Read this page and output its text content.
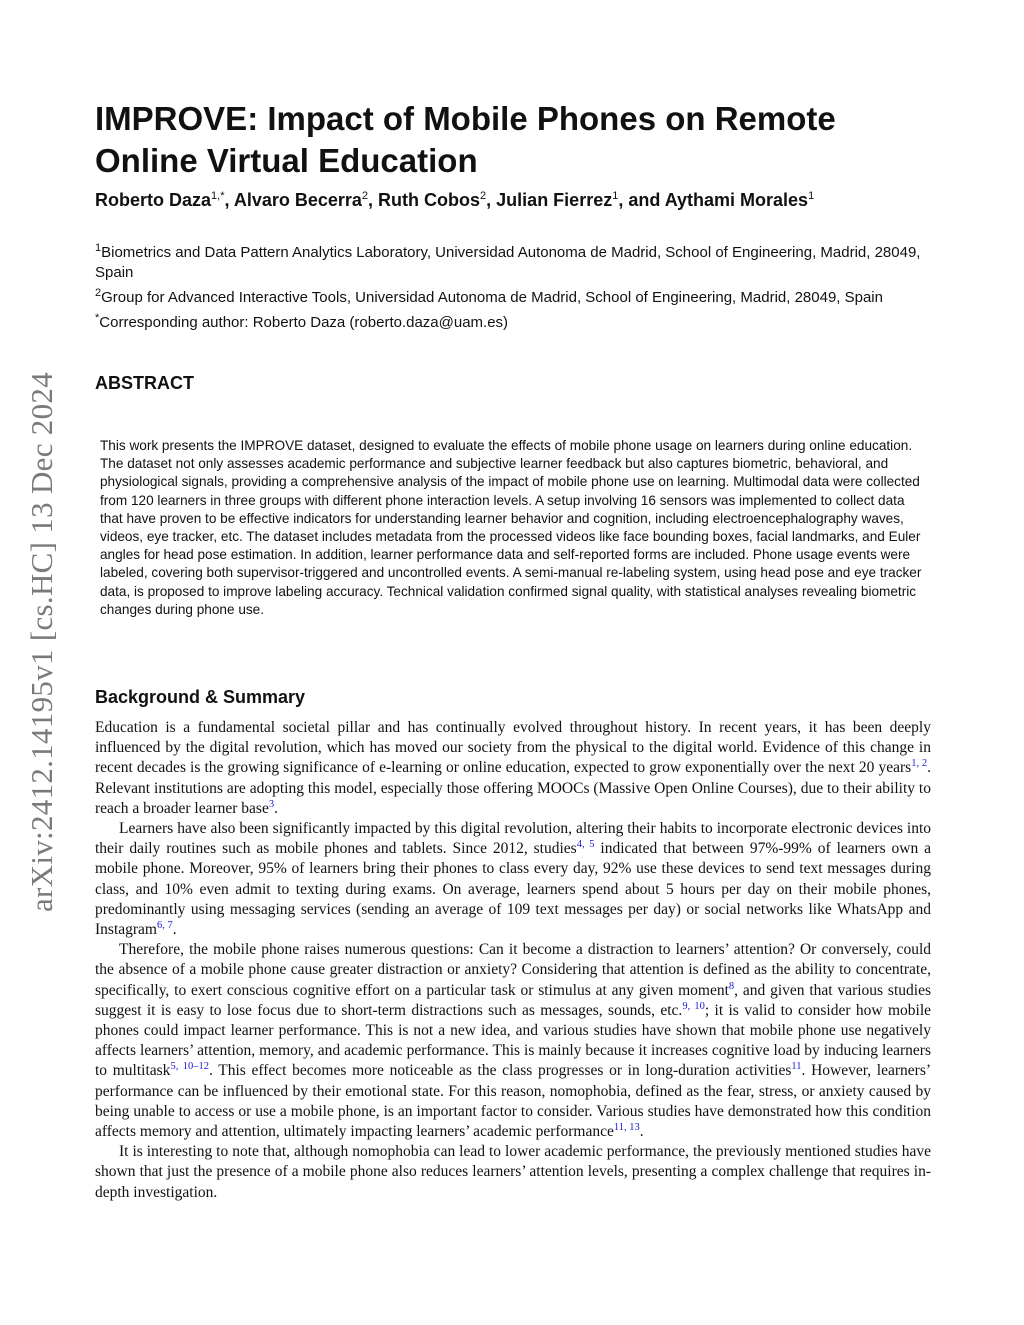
arXiv:2412.14195v1 [cs.HC] 13 Dec 2024
IMPROVE: Impact of Mobile Phones on Remote Online Virtual Education
Roberto Daza$^{1,*}$, Alvaro Becerra$^2$, Ruth Cobos$^2$, Julian Fierrez$^1$, and Aythami Morales$^1$

$^1$Biometrics and Data Pattern Analytics Laboratory, Universidad Autonoma de Madrid, School of Engineering, Madrid, 28049, Spain

$^2$Group for Advanced Interactive Tools, Universidad Autonoma de Madrid, School of Engineering, Madrid, 28049, Spain

*Corresponding author: Roberto Daza (roberto.daza@uam.es)

ABSTRACT

This work presents the IMPROVE dataset, designed to evaluate the effects of mobile phone usage on learners during online education. The dataset not only assesses academic performance and subjective learner feedback but also captures biometric, behavioral, and physiological signals, providing a comprehensive analysis of the impact of mobile phone use on learning. Multimodal data were collected from 120 learners in three groups with different phone interaction levels. A setup involving 16 sensors was implemented to collect data that have proven to be effective indicators for understanding learner behavior and cognition, including electroencephalography waves, videos, eye tracker, etc. The dataset includes metadata from the processed videos like face bounding boxes, facial landmarks, and Euler angles for head pose estimation. In addition, learner performance data and self-reported forms are included. Phone usage events were labeled, covering both supervisor-triggered and uncontrolled events. A semi-manual re-labeling system, using head pose and eye tracker data, is proposed to improve labeling accuracy. Technical validation confirmed signal quality, with statistical analyses revealing biometric changes during phone use.

Background & Summary

Education is a fundamental societal pillar and has continually evolved throughout history. In recent years, it has been deeply influenced by the digital revolution, which has moved our society from the physical to the digital world. Evidence of this change in recent decades is the growing significance of e-learning or online education, expected to grow exponentially over the next 20 years$^{1, 2}$. Relevant institutions are adopting this model, especially those offering MOOCs (Massive Open Online Courses), due to their ability to reach a broader learner base$^3$.

Learners have also been significantly impacted by this digital revolution, altering their habits to incorporate electronic devices into their daily routines such as mobile phones and tablets. Since 2012, studies$^{4, 5}$ indicated that between 97%-99% of learners own a mobile phone. Moreover, 95% of learners bring their phones to class every day, 92% use these devices to send text messages during class, and 10% even admit to texting during exams. On average, learners spend about 5 hours per day on their mobile phones, predominantly using messaging services (sending an average of 109 text messages per day) or social networks like WhatsApp and Instagram$^{6, 7}$.

Therefore, the mobile phone raises numerous questions: Can it become a distraction to learners’ attention? Or conversely, could the absence of a mobile phone cause greater distraction or anxiety? Considering that attention is defined as the ability to concentrate, specifically, to exert conscious cognitive effort on a particular task or stimulus at any given moment$^8$, and given that various studies suggest it is easy to lose focus due to short-term distractions such as messages, sounds, etc.$^{9, 10}$; it is valid to consider how mobile phones could impact learner performance. This is not a new idea, and various studies have shown that mobile phone use negatively affects learners’ attention, memory, and academic performance. This is mainly because it increases cognitive load by inducing learners to multitask$^{5, 10-12}$. This effect becomes more noticeable as the class progresses or in long-duration activities$^{11}$. However, learners’ performance can be influenced by their emotional state. For this reason, nomophobia, defined as the fear, stress, or anxiety caused by being unable to access or use a mobile phone, is an important factor to consider. Various studies have demonstrated how this condition affects memory and attention, ultimately impacting learners’ academic performance$^{11, 13}$.

It is interesting to note that, although nomophobia can lead to lower academic performance, the previously mentioned studies have shown that just the presence of a mobile phone also reduces learners’ attention levels, presenting a complex challenge that requires in-depth investigation.
